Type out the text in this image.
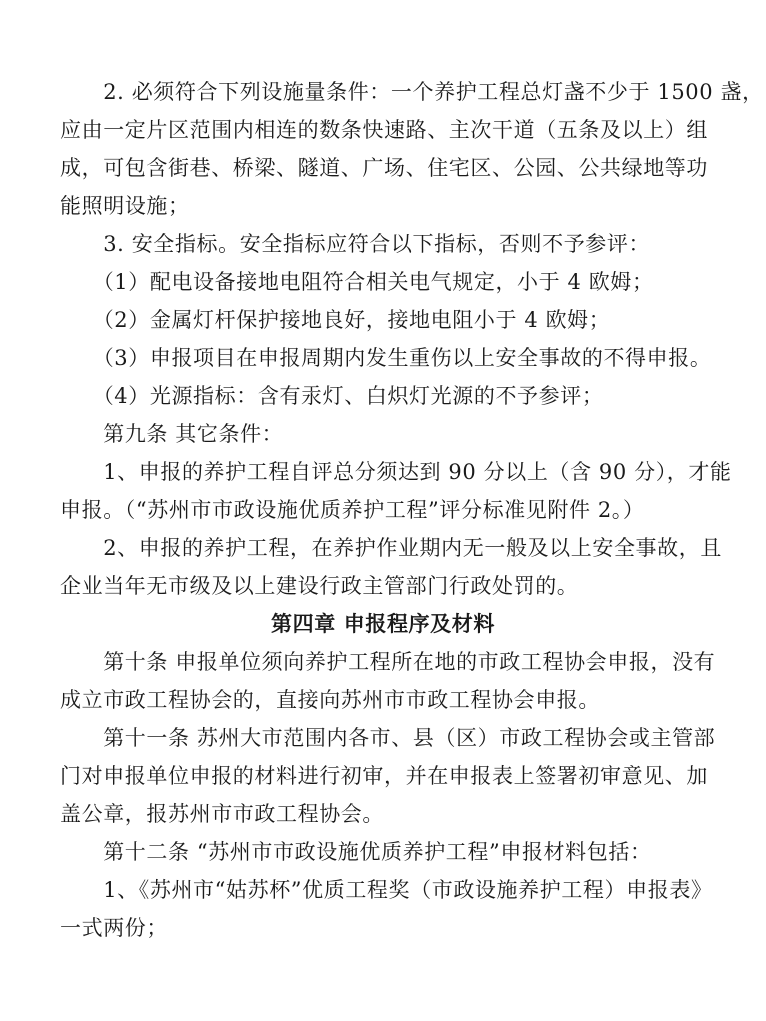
　　2. 必须符合下列设施量条件：一个养护工程总灯盏不少于 1500 盏，
应由一定片区范围内相连的数条快速路、主次干道（五条及以上）组
成，可包含街巷、桥梁、隧道、广场、住宅区、公园、公共绿地等功
能照明设施；
　　3. 安全指标。安全指标应符合以下指标，否则不予参评：
　　（1）配电设备接地电阻符合相关电气规定，小于 4 欧姆；
　　（2）金属灯杆保护接地良好，接地电阻小于 4 欧姆；
　　（3）申报项目在申报周期内发生重伤以上安全事故的不得申报。
　　（4）光源指标：含有汞灯、白炽灯光源的不予参评；
　　第九条 其它条件：
　　1、申报的养护工程自评总分须达到 90 分以上（含 90 分），才能
申报。（“苏州市市政设施优质养护工程”评分标准见附件 2。）
　　2、申报的养护工程，在养护作业期内无一般及以上安全事故，且
企业当年无市级及以上建设行政主管部门行政处罚的。
第四章 申报程序及材料
　　第十条 申报单位须向养护工程所在地的市政工程协会申报，没有
成立市政工程协会的，直接向苏州市市政工程协会申报。
　　第十一条 苏州大市范围内各市、县（区）市政工程协会或主管部
门对申报单位申报的材料进行初审，并在申报表上签署初审意见、加
盖公章，报苏州市市政工程协会。
　　第十二条 “苏州市市政设施优质养护工程”申报材料包括：
　　1、《苏州市“姑苏杯”优质工程奖（市政设施养护工程）申报表》
一式两份；
